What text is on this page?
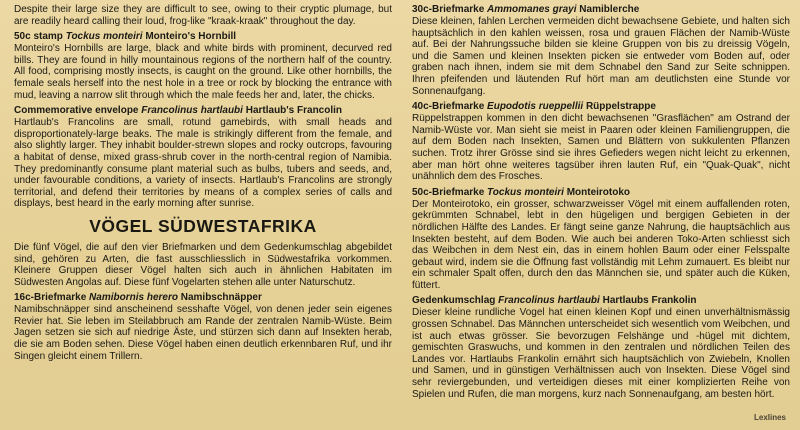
Despite their large size they are difficult to see, owing to their cryptic plumage, but are readily heard calling their loud, frog-like "kraak-kraak" throughout the day.

50c stamp Tockus monteiri Monteiro's Hornbill

Monteiro's Hornbills are large, black and white birds with prominent, decurved red bills. They are found in hilly mountainous regions of the northern half of the country. All food, comprising mostly insects, is caught on the ground. Like other hornbills, the female seals herself into the nest hole in a tree or rock by blocking the entrance with mud, leaving a narrow slit through which the male feeds her and, later, the chicks.

Commemorative envelope Francolinus hartlaubi Hartlaub's Francolin

Hartlaub's Francolins are small, rotund gamebirds, with small heads and disproportionately-large beaks. The male is strikingly different from the female, and also slightly larger. They inhabit boulder-strewn slopes and rocky outcrops, favouring a habitat of dense, mixed grass-shrub cover in the north-central region of Namibia. They predominantly consume plant material such as bulbs, tubers and seeds, and, under favourable conditions, a variety of insects. Hartlaub's Francolins are strongly territorial, and defend their territories by means of a complex series of calls and displays, best heard in the early morning after sunrise.

VÖGEL SÜDWESTAFRIKA

Die fünf Vögel, die auf den vier Briefmarken und dem Gedenkumschlag abgebildet sind, gehören zu Arten, die fast ausschliesslich in Südwestafrika vorkommen. Kleinere Gruppen dieser Vögel halten sich auch in ähnlichen Habitaten im Südwesten Angolas auf. Diese fünf Vogelarten stehen alle unter Naturschutz.

16c-Briefmarke Namibornis herero Namibschnäpper

Namibschnäpper sind anscheinend sesshafte Vögel, von denen jeder sein eigenes Revier hat. Sie leben im Steilabbruch am Rande der zentralen Namib-Wüste. Beim Jagen setzen sie sich auf niedrige Äste, und stürzen sich dann auf Insekten herab, die sie am Boden sehen. Diese Vögel haben einen deutlich erkennbaren Ruf, und ihr Singen gleicht einem Trillern.

30c-Briefmarke Ammomanes grayi Namiblerche

Diese kleinen, fahlen Lerchen vermeiden dicht bewachsene Gebiete, und halten sich hauptsächlich in den kahlen weissen, rosa und grauen Flächen der Namib-Wüste auf. Bei der Nahrungssuche bilden sie kleine Gruppen von bis zu dreissig Vögeln, und die Samen und kleinen Insekten picken sie entweder vom Boden auf, oder graben nach ihnen, indem sie mit dem Schnabel den Sand zur Seite schnippen. Ihren pfeifenden und läutenden Ruf hört man am deutlichsten eine Stunde vor Sonnenaufgang.

40c-Briefmarke Eupodotis rueppellii Rüppelstrappe

Rüppelstrappen kommen in den dicht bewachsenen "Grasflächen" am Ostrand der Namib-Wüste vor. Man sieht sie meist in Paaren oder kleinen Familiengruppen, die auf dem Boden nach Insekten, Samen und Blättern von sukkulenten Pflanzen suchen. Trotz ihrer Grösse sind sie ihres Gefieders wegen nicht leicht zu erkennen, aber man hört ohne weiteres tagsüber ihren lauten Ruf, ein "Quak-Quak", nicht unähnlich dem des Frosches.

50c-Briefmarke Tockus monteiri Monteirotoko

Der Monteirotoko, ein grosser, schwarzweisser Vögel mit einem auffallenden roten, gekrümmten Schnabel, lebt in den hügeligen und bergigen Gebieten in der nördlichen Hälfte des Landes. Er fängt seine ganze Nahrung, die hauptsächlich aus Insekten besteht, auf dem Boden. Wie auch bei anderen Toko-Arten schliesst sich das Weibchen in dem Nest ein, das in einem hohlen Baum oder einer Felsspalte gebaut wird, indem sie die Öffnung fast vollständig mit Lehm zumauert. Es bleibt nur ein schmaler Spalt offen, durch den das Männchen sie, und später auch die Küken, füttert.

Gedenkumschlag Francolinus hartlaubi Hartlaubs Frankolin

Dieser kleine rundliche Vogel hat einen kleinen Kopf und einen unverhältnismässig grossen Schnabel. Das Männchen unterscheidet sich wesentlich vom Weibchen, und ist auch etwas grösser. Sie bevorzugen Felshänge und -hügel mit dichtem, gemischten Graswuchs, und kommen in den zentralen und nördlichen Teilen des Landes vor. Hartlaubs Frankolin ernährt sich hauptsächlich von Zwiebeln, Knollen und Samen, und in günstigen Verhältnissen auch von Insekten. Diese Vögel sind sehr reviergebunden, und verteidigen dieses mit einer komplizierten Reihe von Spielen und Rufen, die man morgens, kurz nach Sonnenaufgang, am besten hört.

Lexlines
